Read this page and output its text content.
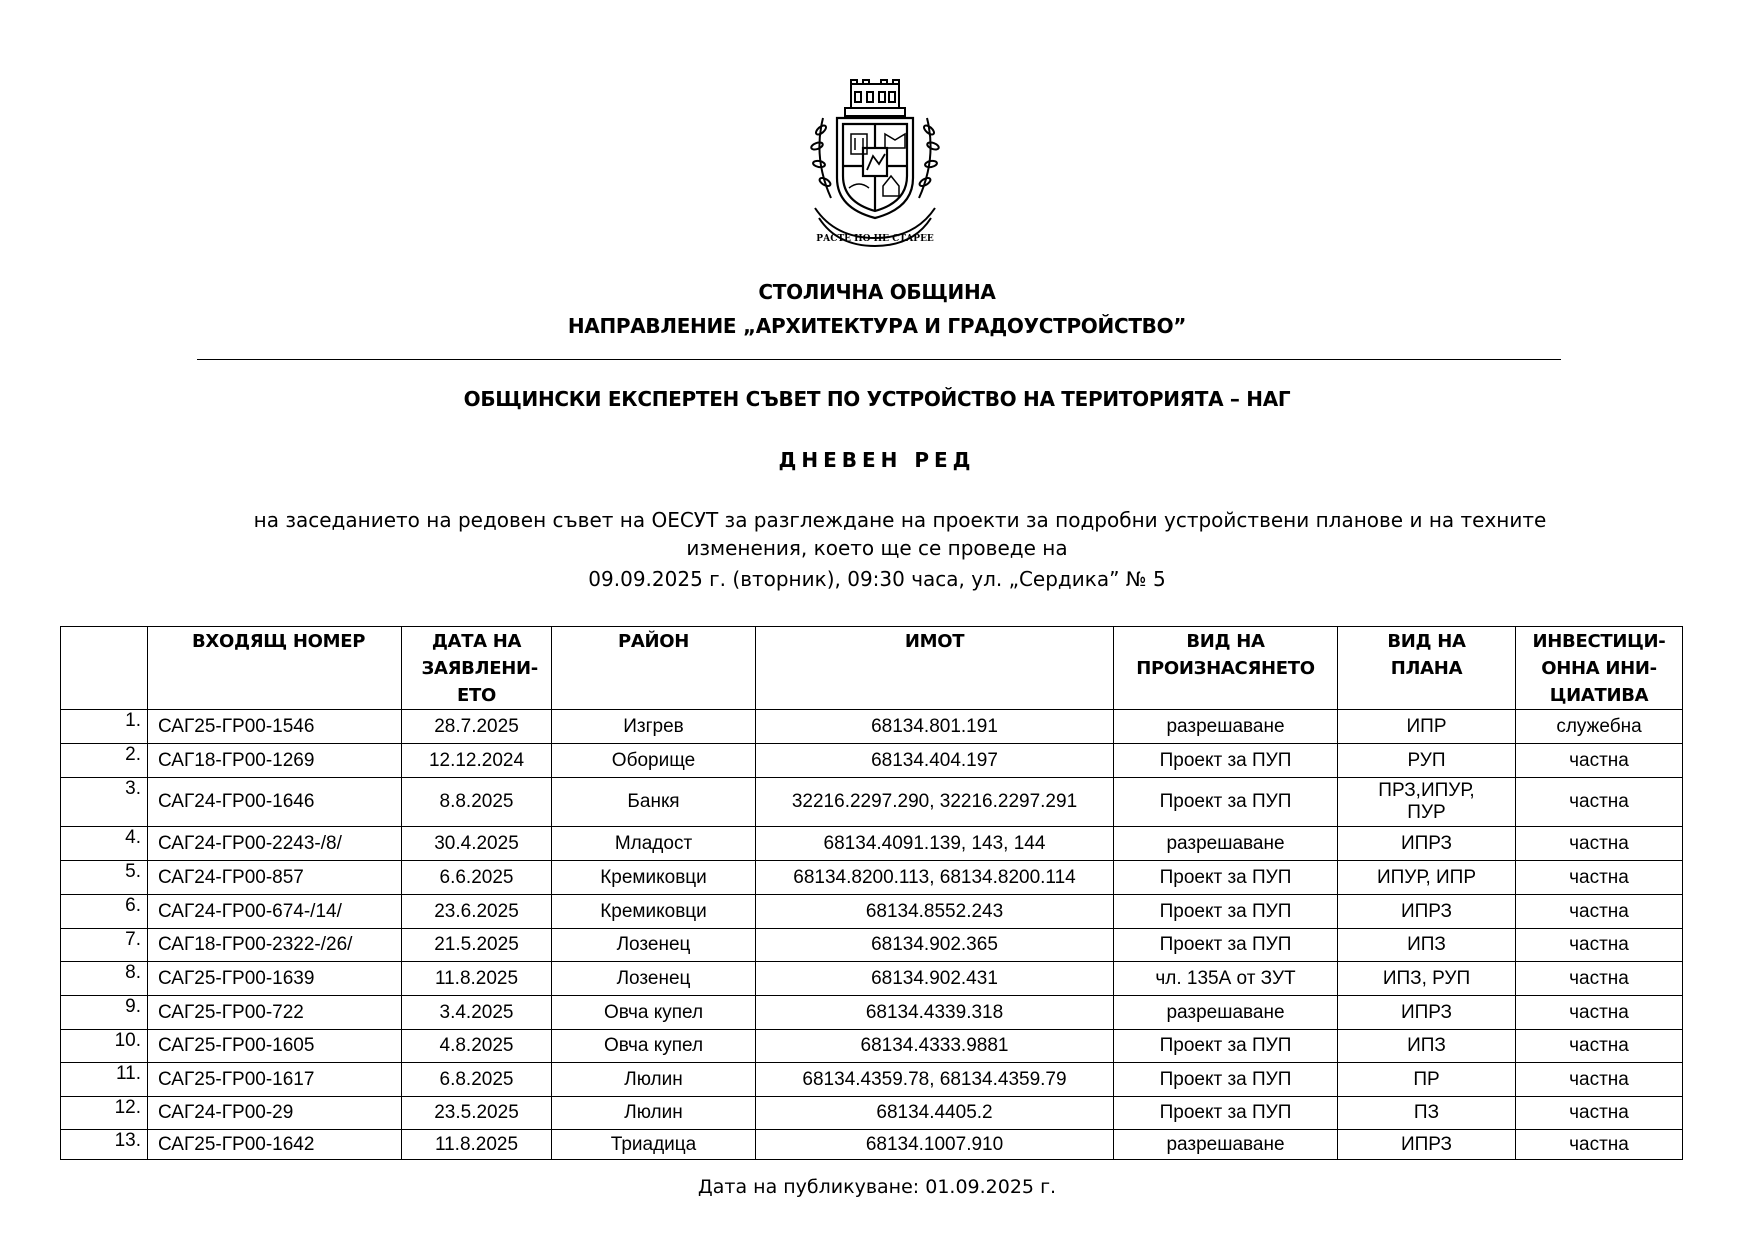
РАСТЕ НО НЕ СТАРЕЕ
СТОЛИЧНА ОБЩИНА
НАПРАВЛЕНИЕ „АРХИТЕКТУРА И ГРАДОУСТРОЙСТВО”
ОБЩИНСКИ ЕКСПЕРТЕН СЪВЕТ ПО УСТРОЙСТВО НА ТЕРИТОРИЯТА – НАГ
ДНЕВЕН РЕД
на заседанието на редовен съвет на ОЕСУТ за разглеждане на проекти за подробни устройствени планове и на техните
изменения, което ще се проведе на
09.09.2025 г. (вторник), 09:30 часа, ул. „Сердика” № 5
	ВХОДЯЩ НОМЕР	ДАТА НА ЗАЯВЛЕНИ-ЕТО	РАЙОН	ИМОТ	ВИД НА ПРОИЗНАСЯНЕТО	ВИД НА ПЛАНА	ИНВЕСТИЦИ-ОННА ИНИ-ЦИАТИВА

1.	САГ25-ГР00-1546	28.7.2025	Изгрев	68134.801.191	разрешаване	ИПР	служебна
2.	САГ18-ГР00-1269	12.12.2024	Оборище	68134.404.197	Проект за ПУП	РУП	частна
3.	САГ24-ГР00-1646	8.8.2025	Банкя	32216.2297.290, 32216.2297.291	Проект за ПУП	ПРЗ,ИПУР, ПУР	частна
4.	САГ24-ГР00-2243-/8/	30.4.2025	Младост	68134.4091.139, 143, 144	разрешаване	ИПРЗ	частна
5.	САГ24-ГР00-857	6.6.2025	Кремиковци	68134.8200.113, 68134.8200.114	Проект за ПУП	ИПУР, ИПР	частна
6.	САГ24-ГР00-674-/14/	23.6.2025	Кремиковци	68134.8552.243	Проект за ПУП	ИПРЗ	частна
7.	САГ18-ГР00-2322-/26/	21.5.2025	Лозенец	68134.902.365	Проект за ПУП	ИПЗ	частна
8.	САГ25-ГР00-1639	11.8.2025	Лозенец	68134.902.431	чл. 135А от ЗУТ	ИПЗ, РУП	частна
9.	САГ25-ГР00-722	3.4.2025	Овча купел	68134.4339.318	разрешаване	ИПРЗ	частна
10.	САГ25-ГР00-1605	4.8.2025	Овча купел	68134.4333.9881	Проект за ПУП	ИПЗ	частна
11.	САГ25-ГР00-1617	6.8.2025	Люлин	68134.4359.78, 68134.4359.79	Проект за ПУП	ПР	частна
12.	САГ24-ГР00-29	23.5.2025	Люлин	68134.4405.2	Проект за ПУП	ПЗ	частна
13.	САГ25-ГР00-1642	11.8.2025	Триадица	68134.1007.910	разрешаване	ИПРЗ	частна
Дата на публикуване: 01.09.2025 г.
